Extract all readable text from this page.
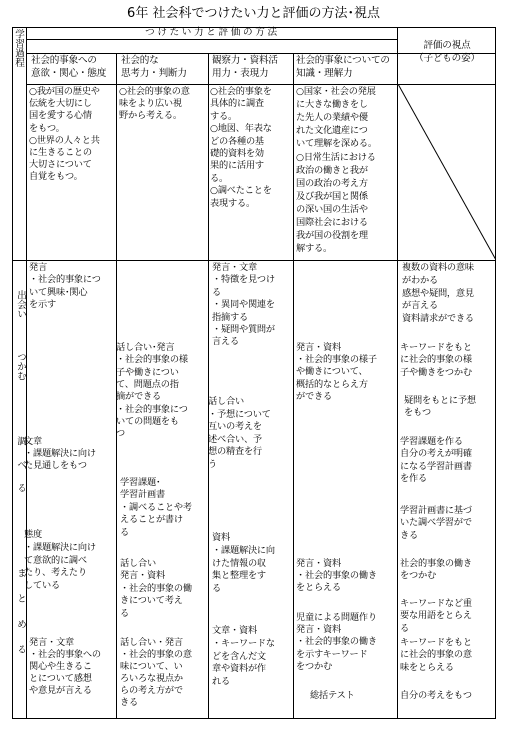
6年 社会科でつけたい力と評価の方法･視点
学習過程	つ け た い 力 と 評 価 の 方 法
評価の視点
（子どもの姿）
社会的事象への
意欲・関心・態度
社会的な
思考力・判断力
観察力・資料活
用力・表現力
社会的事象についての
知識・理解力
出会い
つかむ
調べる
まとめる
○我が国の歴史や
伝統を大切にし
国を愛する心情
をもつ。
○世界の人々と共
に生きることの
大切さについて
自覚をもつ。
○社会的事象の意
味をより広い視
野から考える。
○社会的事象を
具体的に調査
する。
○地図、年表な
どの各種の基
礎的資料を効
果的に活用す
る。
○調べたことを
表現する。
○国家・社会の発展
に大きな働きをし
た先人の業績や優
れた文化遺産につ
いて理解を深める。
○日常生活における
政治の働きと我が
国の政治の考え方
及び我が国と関係
の深い国の生活や
国際社会における
我が国の役割を理
解する。
発言
・社会的事象につ
いて興味･関心
を示す
文章
・課題解決に向け
た見通しをもつ
態度
・課題解決に向け
て意欲的に調べ
たり、考えたり
している
発言・文章
・社会的事象への
関心や生きるこ
とについて感想
や意見が言える
話し合い･発言
・社会的事象の様
子や働きについ
て、問題点の指
摘ができる
・社会的事象につ
いての問題をも
つ
学習課題･
学習計画書
・調べることや考
えることが書け
る
話し合い
発言・資料
・社会的事象の働
きについて考え
る
話し合い・発言
・社会的事象の意
味について、い
ろいろな視点か
らの考え方がで
きる
発言・文章
・特徴を見つけ
る
・異同や関連を
指摘する
・疑問や質問が
言える
話し合い
・予想について
互いの考えを
述べ合い、予
想の精査を行
う
資料
・課題解決に向
けた情報の収
集と整理をす
る
文章・資料
・キーワードな
どを含んだ文
章や資料が作
れる
発言・資料
・社会的事象の様子
や働きについて、
概括的なとらえ方
ができる
発言・資料
・社会的事象の働き
をとらえる
児童による問題作り
発言・資料
・社会的事象の働き
を示すキーワード
をつかむ
総括テスト
複数の資料の意味
がわかる
感想や疑問，意見
が言える
資料請求ができる
キーワードをもと
に社会的事象の様
子や働きをつかむ
疑問をもとに予想
をもつ
学習課題を作る
自分の考えが明確
になる学習計画書
を作る
学習計画書に基づ
いた調べ学習がで
きる
社会的事象の働き
をつかむ
キーワードなど重
要な用語をとらえ
る
キーワードをもと
に社会的事象の意
味をとらえる
自分の考えをもつ
